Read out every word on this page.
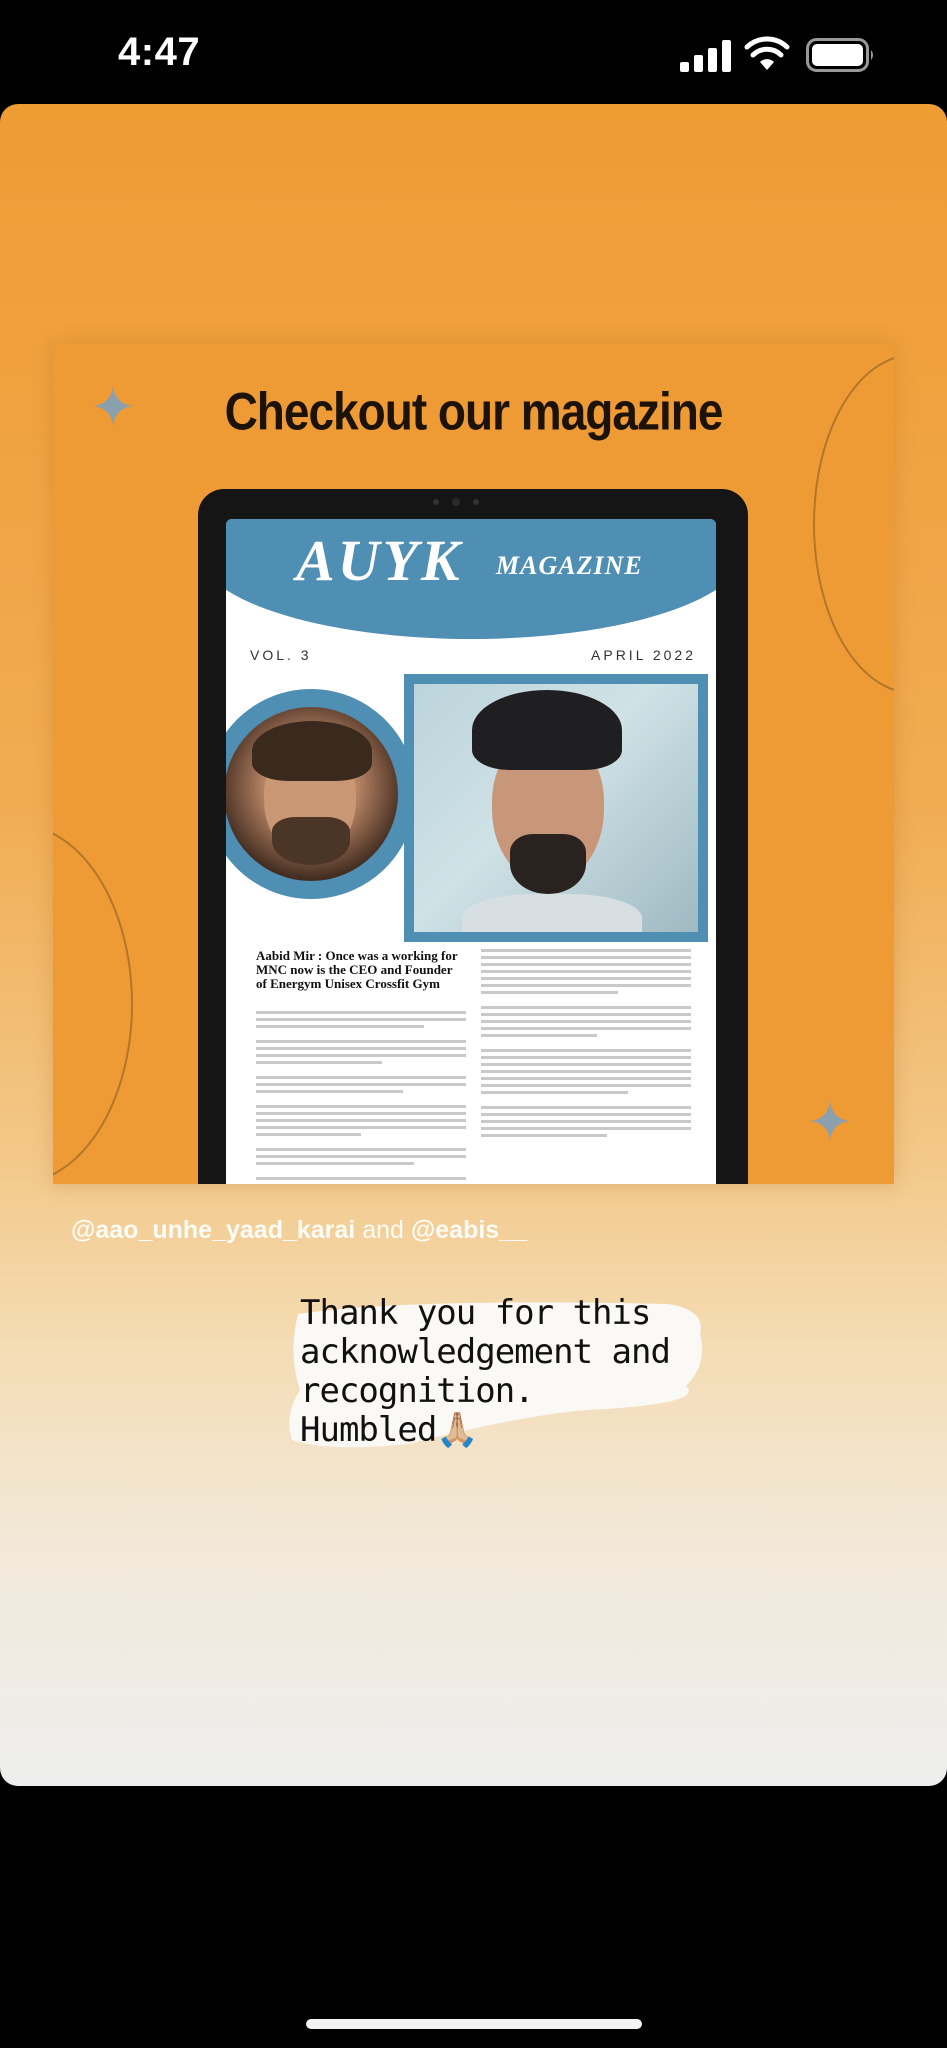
4:47
Checkout our magazine
AUYK MAGAZINE
VOL. 3	APRIL 2022
Aabid Mir : Once was a working for MNC now is the CEO and Founder of Energym Unisex Crossfit Gym
@aao_unhe_yaad_karai and @eabis__
Thank you for this
acknowledgement and
recognition.
Humbled🙏🏼
